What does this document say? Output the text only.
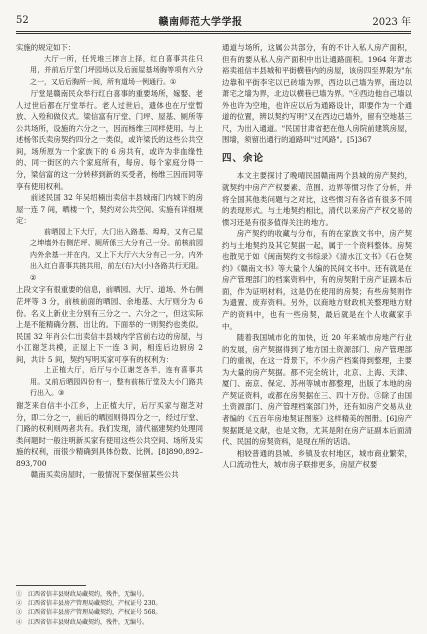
52	赣南师范大学学报	2023 年

实施的规定如下：

大厅一所，任凭堆三摔言上择，红白喜事共往只用，并前后厅堂门坪园场以及后面屋基场胸等项有六分之一，又后后胸所一间，所有道场一例通行。①

厅堂是赣南民众举行红白喜事的重要场所，嫁娶、老人过世后都在厅堂举行。老人过世后，遗体也在厅堂暂放、入殓和做仪式。梁信富有厅堂、门坪、屋基、厕所等公共场所，设施的六分之一，因而杨维三同样使用。与上述杨邻氏卖房契约四分之一类似，或许梁氏的这些公共空间，场所原为一个家族下的 6 房共有，或许为非血缘性的、同一街区的六个家庭所有，每房、每个家庭分得一分，梁信富的这一分转移到新的买受者，杨维三因而同等享有使用权利。

前述民国 32 年吴绍楠出卖信丰县城南门内城下的房屋一连 7 间，晒楼一个，契约对公共空间、实施有详细规定：

前晒园上下大厅，大门出入路基、埠埠，又有己屋之坤墙外右侧茫坪、厕所係三大分有己一分。前核前园内外余基一并在内，又上下大厅六大分有己一分，内外出入红白喜事共挑共用，前左(右)大(小)各路共行无阻。②

上段文字有很重要的信息，前晒园、大厅、道场、外右侧茫坪等 3 分，前核前面的晒园、余地基、大厅则分为 6 份。名义上新业主分别有三分之一、六分之一，但这实际上是不能精确分割、出让的。下面举的一则契约也类似。民国 32 年肖公仁出卖信丰县城内学宫前右边的房屋，与小江谢芝共模，正屋上下一连 3 间，相连后边厨房 2 间，共计 5 间，契约写明买家可享有的权利为：

上正植大厅，后厅与小江谢芝各半，连有喜事共用。又前后晒园四份有一，整有前栋厅堂及大小门路共行出入。③

谢芝来自信丰小江乡，上正植大厅，后厅买家与谢芝对分，即二分之一，前后的晒园则得四分之一，经过厅堂、门路的权利则两者共有。我们发现，清代福建契约处理同类问题时一般注明新买家有使用这些公共空间、场所及实施的权利，而很少精确到具体份数、比例。[8]890,892–893,700

赣南买卖房屋时，一般情况下要保留某些公共

通道与场所，这属公共部分，有的不计入私人房产面积，但有的要从私人房产面积中出让通路面积。1964 年萧志裕卖祖信丰县城和平街横巷内的房屋，该房四至界限为"东边靠和平街李宅以已砖墙为界，西边以己墙为界，南边以萧宅之墙为界，北边以横巷已墙为界。"④西边他自己墙以外也许为空地，也许应以后为通路设计，即要作为一个通道的位置，辨以契约写明"又在西边已墙外，留有空地基三尺，为出入通道。"民国甘肃省把在他人房院前建筑房屋，围墙，须留出通行的道路叫"过风路"。[5]367

四、余论

本文主要探讨了晚晴民国赣南两个县城的房产契约，就契约中房产产权要素、范围、边界等惯习作了分析，并将全国其他类问题与之对比，这些惯习有各省有很多不同的表现形式。与土地契约相比，清代以来房产产权交易的惯习还是有很多值得关注的地方。

房产契约的收藏与分布，有的在家族文书中，房产契约与土地契约及其它契据一起，属于一个资料整体。房契也散见于如《闽南契约文书综录》《清水江文书》《石仓契约》《赣南文书》等大量个人编的民间文书中。还有就是在房产管理部门的档案资料中，有的房契附于房产证副本后面，作为证明材料，这是仍在使用的房契；有些房契则作为遗置、废弃资料。另外，以商地方财政机关整理地方财产的资料中，也有一些房契，最后就是在个人收藏家手中。

随着我国城市化的加快，近 20 年来城市房地产行业的发展，房产契据得到了地方国土资源部门、房产管理部门的重视，在这一背景下，不少房产档案得到整理，主要为大量的房产契据。都不完全统计，北京、上海、天津、厦门、南京、保定、苏州等城市都整理，出版了本地的房产契证资料，或都在房契据在三、四十万份。⑤除了由国土资源部门、房产管理档案部门外，还有如房产交易从业者编的《五百年房地契证图鉴》这样精美的图册。[6]房产契据既是文献，也是文物，尤其是附在房产证副本后面清代、民国的房契资料，是现在所的话语。

相较普通的县城、乡镇及农村地区，城市商业繁荣，人口流动性大，城市房子联排更多，房屋产权要

①　江西省信丰县财政局藏契约，残件，无编号。
②　江西省信丰县房产管理局藏契约，产权证号 230。
③　江西省信丰县房产管理局藏契约，产权证号 568。
④　江西省信丰县财政局藏契约，残件，无编号。
